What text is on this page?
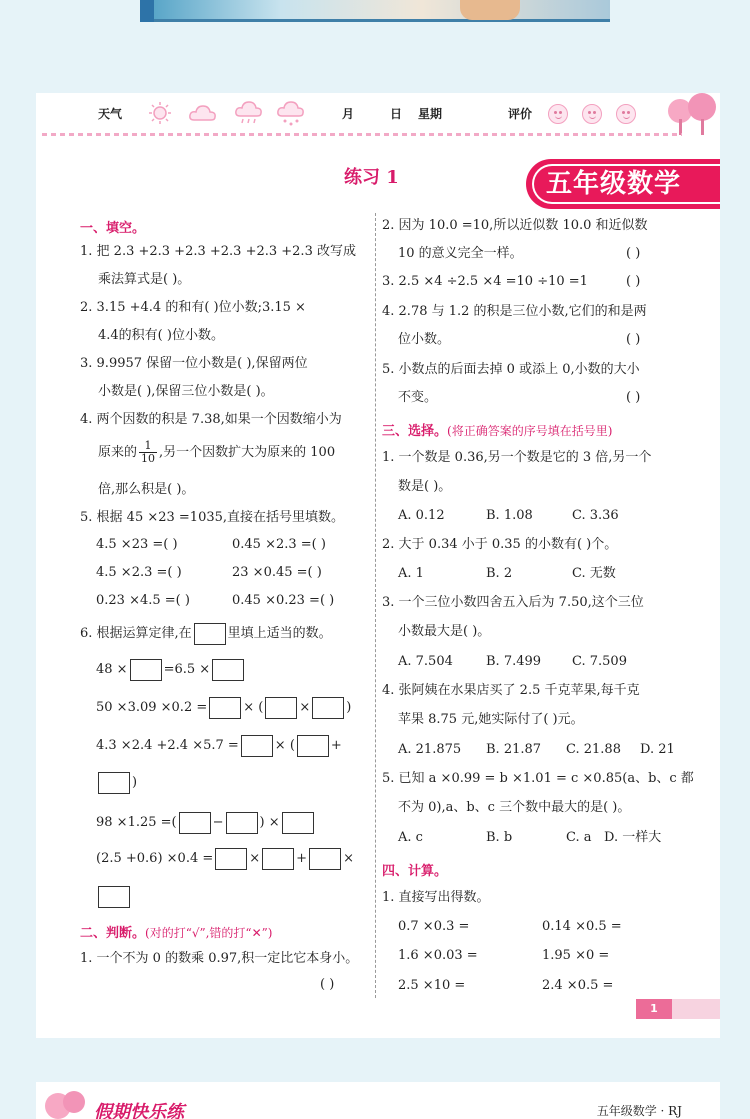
天气	月	日 星期	评价
练习 1	五年级数学
一、填空。
1. 把 2.3 +2.3 +2.3 +2.3 +2.3 +2.3 改写成
乘法算式是( )。
2. 3.15 +4.4 的和有( )位小数;3.15 ×
4.4的积有( )位小数。
3. 9.9957 保留一位小数是( ),保留两位
小数是( ),保留三位小数是( )。
4. 两个因数的积是 7.38,如果一个因数缩小为
原来的 $\frac{1}{10}$ ,另一个因数扩大为原来的 100
倍,那么积是( )。
5. 根据 45 ×23 =1035,直接在括号里填数。
4.5 ×23 =( )	0.45 ×2.3 =( )
4.5 ×2.3 =( )	23 ×0.45 =( )
0.23 ×4.5 =( )	0.45 ×0.23 =( )
6. 根据运算定律,在	里填上适当的数。
48 ×	=6.5 ×
50 ×3.09 ×0.2 =	× (	×	)
4.3 ×2.4 +2.4 ×5.7 =	× (	+
)
98 ×1.25 =(	−	) ×
(2.5 +0.6) ×0.4 =	×	+	×
二、判断。(对的打“√”,错的打“✕”)
1. 一个不为 0 的数乘 0.97,积一定比它本身小。
( )
2. 因为 10.0 =10,所以近似数 10.0 和近似数
10 的意义完全一样。	( )
3. 2.5 ×4 ÷2.5 ×4 =10 ÷10 =1	( )
4. 2.78 与 1.2 的积是三位小数,它们的和是两
位小数。	( )
5. 小数点的后面去掉 0 或添上 0,小数的大小
不变。	( )
三、选择。(将正确答案的序号填在括号里)
1. 一个数是 0.36,另一个数是它的 3 倍,另一个
数是( )。
A. 0.12	B. 1.08	C. 3.36
2. 大于 0.34 小于 0.35 的小数有( )个。
A. 1	B. 2	C. 无数
3. 一个三位小数四舍五入后为 7.50,这个三位
小数最大是( )。
A. 7.504	B. 7.499 C. 7.509
4. 张阿姨在水果店买了 2.5 千克苹果,每千克
苹果 8.75 元,她实际付了( )元。
A. 21.875 B. 21.87 C. 21.88 D. 21
5. 已知 a ×0.99 = b ×1.01 = c ×0.85(a、b、c 都
不为 0),a、b、c 三个数中最大的是( )。
A. c	B. b	C. a D. 一样大
四、计算。
1. 直接写出得数。
0.7 ×0.3 =	0.14 ×0.5 =
1.6 ×0.03 =	1.95 ×0 =
2.5 ×10 =	2.4 ×0.5 =
1
假期快乐练	五年级数学 · RJ
